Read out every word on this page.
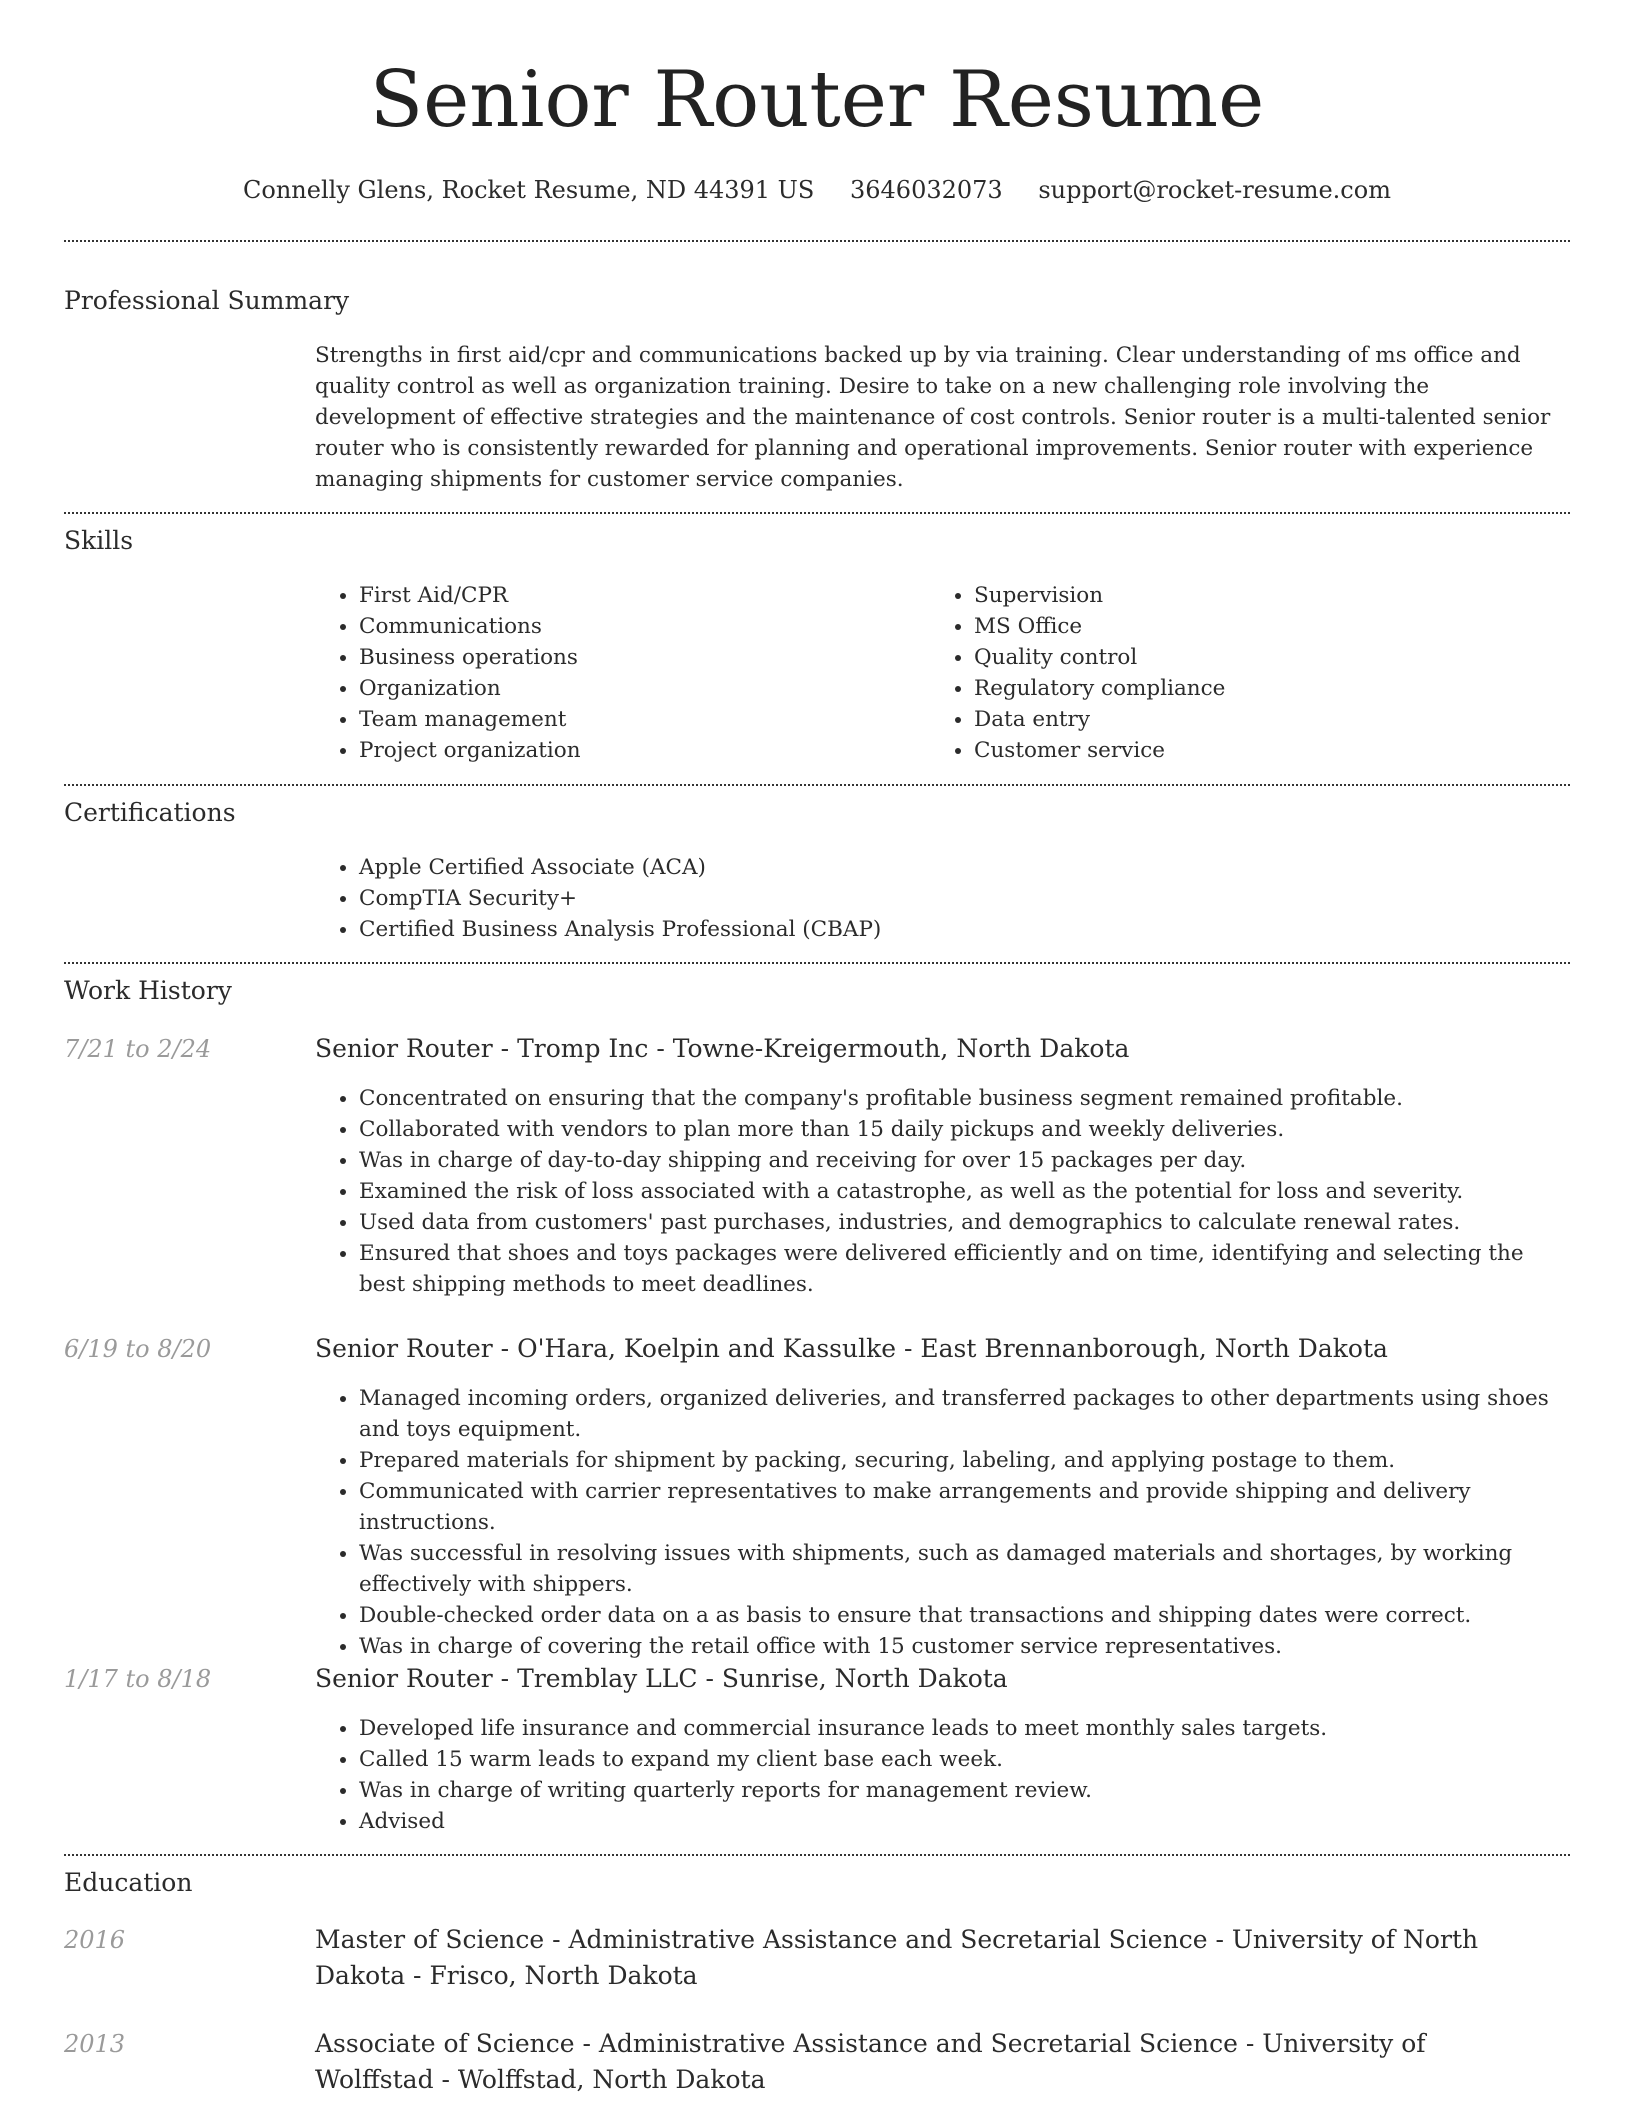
Senior Router Resume
Connelly Glens, Rocket Resume, ND 44391 US 3646032073 support@rocket-resume.com
Professional Summary
Strengths in first aid/cpr and communications backed up by via training. Clear understanding of ms office and quality control as well as organization training. Desire to take on a new challenging role involving the development of effective strategies and the maintenance of cost controls. Senior router is a multi-talented senior router who is consistently rewarded for planning and operational improvements. Senior router with experience managing shipments for customer service companies.
Skills
• First Aid/CPR
• Communications
• Business operations
• Organization
• Team management
• Project organization
• Supervision
• MS Office
• Quality control
• Regulatory compliance
• Data entry
• Customer service
Certifications
• Apple Certified Associate (ACA)
• CompTIA Security+
• Certified Business Analysis Professional (CBAP)
Work History
7/21 to 2/24	Senior Router - Tromp Inc - Towne-Kreigermouth, North Dakota
• Concentrated on ensuring that the company's profitable business segment remained profitable.
• Collaborated with vendors to plan more than 15 daily pickups and weekly deliveries.
• Was in charge of day-to-day shipping and receiving for over 15 packages per day.
• Examined the risk of loss associated with a catastrophe, as well as the potential for loss and severity.
• Used data from customers' past purchases, industries, and demographics to calculate renewal rates.
• Ensured that shoes and toys packages were delivered efficiently and on time, identifying and selecting the best shipping methods to meet deadlines.
6/19 to 8/20	Senior Router - O'Hara, Koelpin and Kassulke - East Brennanborough, North Dakota
• Managed incoming orders, organized deliveries, and transferred packages to other departments using shoes and toys equipment.
• Prepared materials for shipment by packing, securing, labeling, and applying postage to them.
• Communicated with carrier representatives to make arrangements and provide shipping and delivery instructions.
• Was successful in resolving issues with shipments, such as damaged materials and shortages, by working effectively with shippers.
• Double-checked order data on a as basis to ensure that transactions and shipping dates were correct.
• Was in charge of covering the retail office with 15 customer service representatives.
1/17 to 8/18	Senior Router - Tremblay LLC - Sunrise, North Dakota
• Developed life insurance and commercial insurance leads to meet monthly sales targets.
• Called 15 warm leads to expand my client base each week.
• Was in charge of writing quarterly reports for management review.
• Advised
Education
2016	Master of Science - Administrative Assistance and Secretarial Science - University of North Dakota - Frisco, North Dakota
2013	Associate of Science - Administrative Assistance and Secretarial Science - University of Wolffstad - Wolffstad, North Dakota
